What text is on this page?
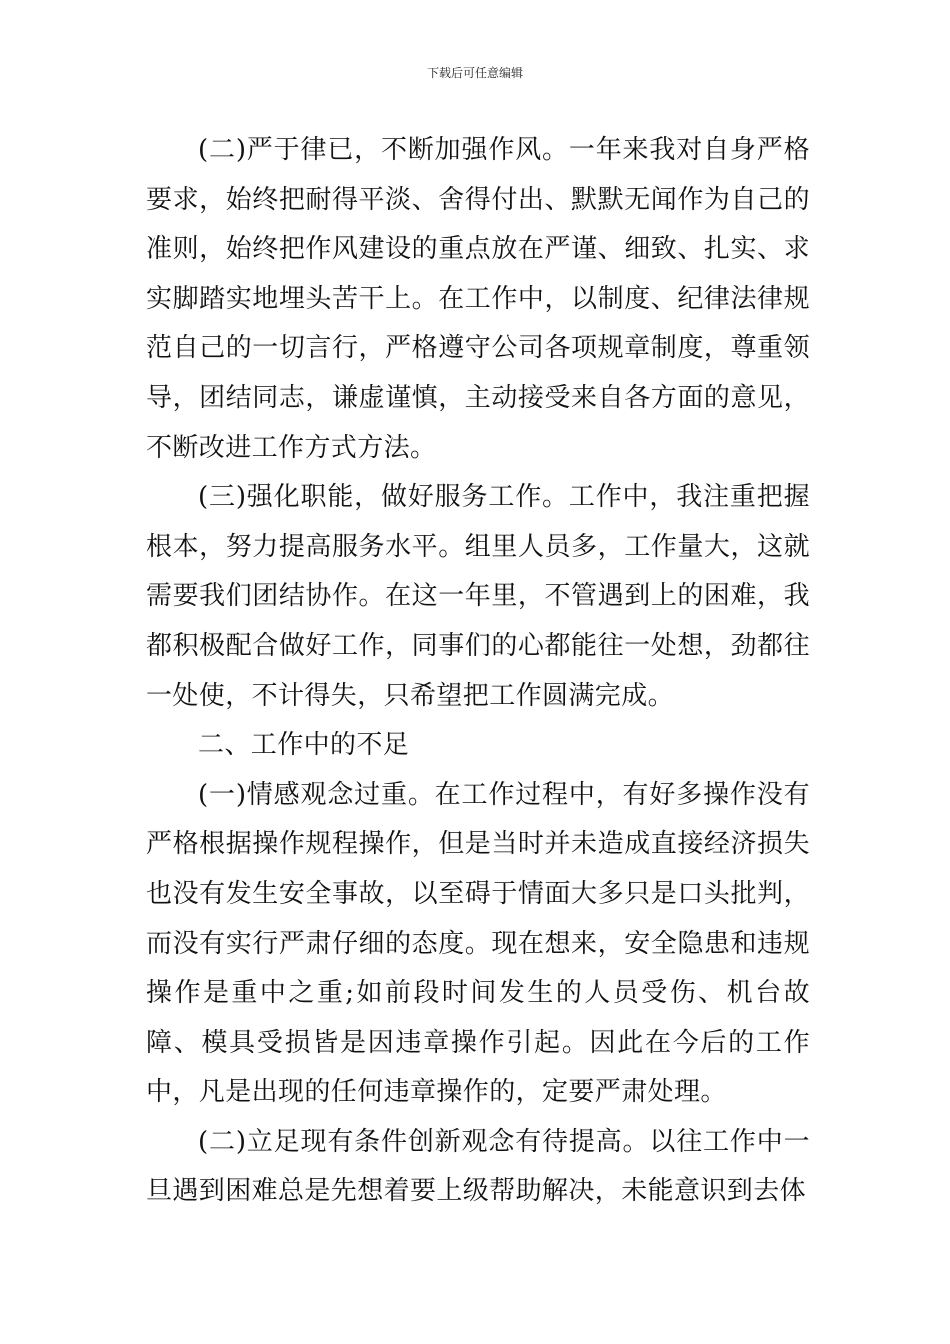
下载后可任意编辑

(二)严于律已，不断加强作风。一年来我对自身严格要求，始终把耐得平淡、舍得付出、默默无闻作为自己的准则，始终把作风建设的重点放在严谨、细致、扎实、求实脚踏实地埋头苦干上。在工作中，以制度、纪律法律规范自己的一切言行，严格遵守公司各项规章制度，尊重领导，团结同志，谦虚谨慎，主动接受来自各方面的意见，不断改进工作方式方法。

(三)强化职能，做好服务工作。工作中，我注重把握根本，努力提高服务水平。组里人员多，工作量大，这就需要我们团结协作。在这一年里，不管遇到上的困难，我都积极配合做好工作，同事们的心都能往一处想，劲都往一处使，不计得失，只希望把工作圆满完成。

二、工作中的不足

(一)情感观念过重。在工作过程中，有好多操作没有严格根据操作规程操作，但是当时并未造成直接经济损失也没有发生安全事故，以至碍于情面大多只是口头批判，而没有实行严肃仔细的态度。现在想来，安全隐患和违规操作是重中之重;如前段时间发生的人员受伤、机台故障、模具受损皆是因违章操作引起。因此在今后的工作中，凡是出现的任何违章操作的，定要严肃处理。

(二)立足现有条件创新观念有待提高。以往工作中一旦遇到困难总是先想着要上级帮助解决，未能意识到去体
